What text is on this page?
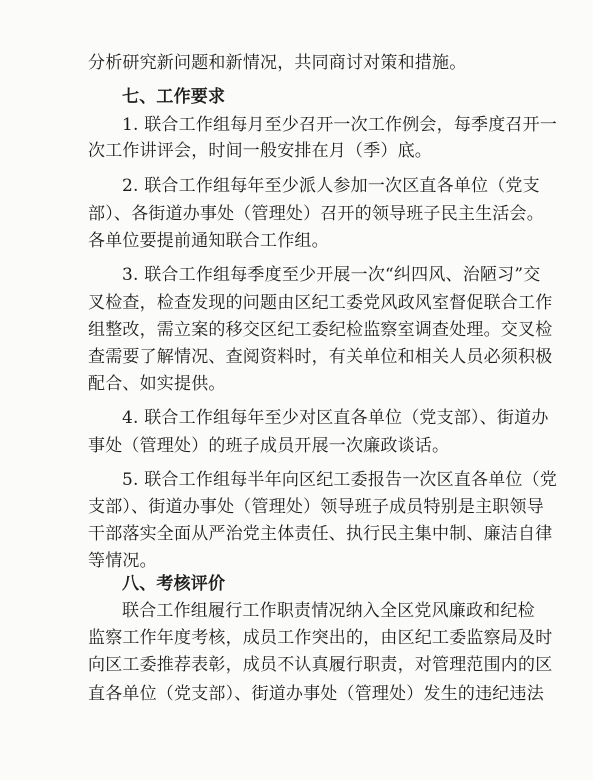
分析研究新问题和新情况，共同商讨对策和措施。
七、工作要求
1. 联合工作组每月至少召开一次工作例会，每季度召开一
次工作讲评会，时间一般安排在月（季）底。
2. 联合工作组每年至少派人参加一次区直各单位（党支
部）、各街道办事处（管理处）召开的领导班子民主生活会。
各单位要提前通知联合工作组。
3. 联合工作组每季度至少开展一次“纠四风、治陋习”交
叉检查，检查发现的问题由区纪工委党风政风室督促联合工作
组整改，需立案的移交区纪工委纪检监察室调查处理。交叉检
查需要了解情况、查阅资料时，有关单位和相关人员必须积极
配合、如实提供。
4. 联合工作组每年至少对区直各单位（党支部）、街道办
事处（管理处）的班子成员开展一次廉政谈话。
5. 联合工作组每半年向区纪工委报告一次区直各单位（党
支部）、街道办事处（管理处）领导班子成员特别是主职领导
干部落实全面从严治党主体责任、执行民主集中制、廉洁自律
等情况。
八、考核评价
联合工作组履行工作职责情况纳入全区党风廉政和纪检
监察工作年度考核，成员工作突出的，由区纪工委监察局及时
向区工委推荐表彰，成员不认真履行职责，对管理范围内的区
直各单位（党支部）、街道办事处（管理处）发生的违纪违法
